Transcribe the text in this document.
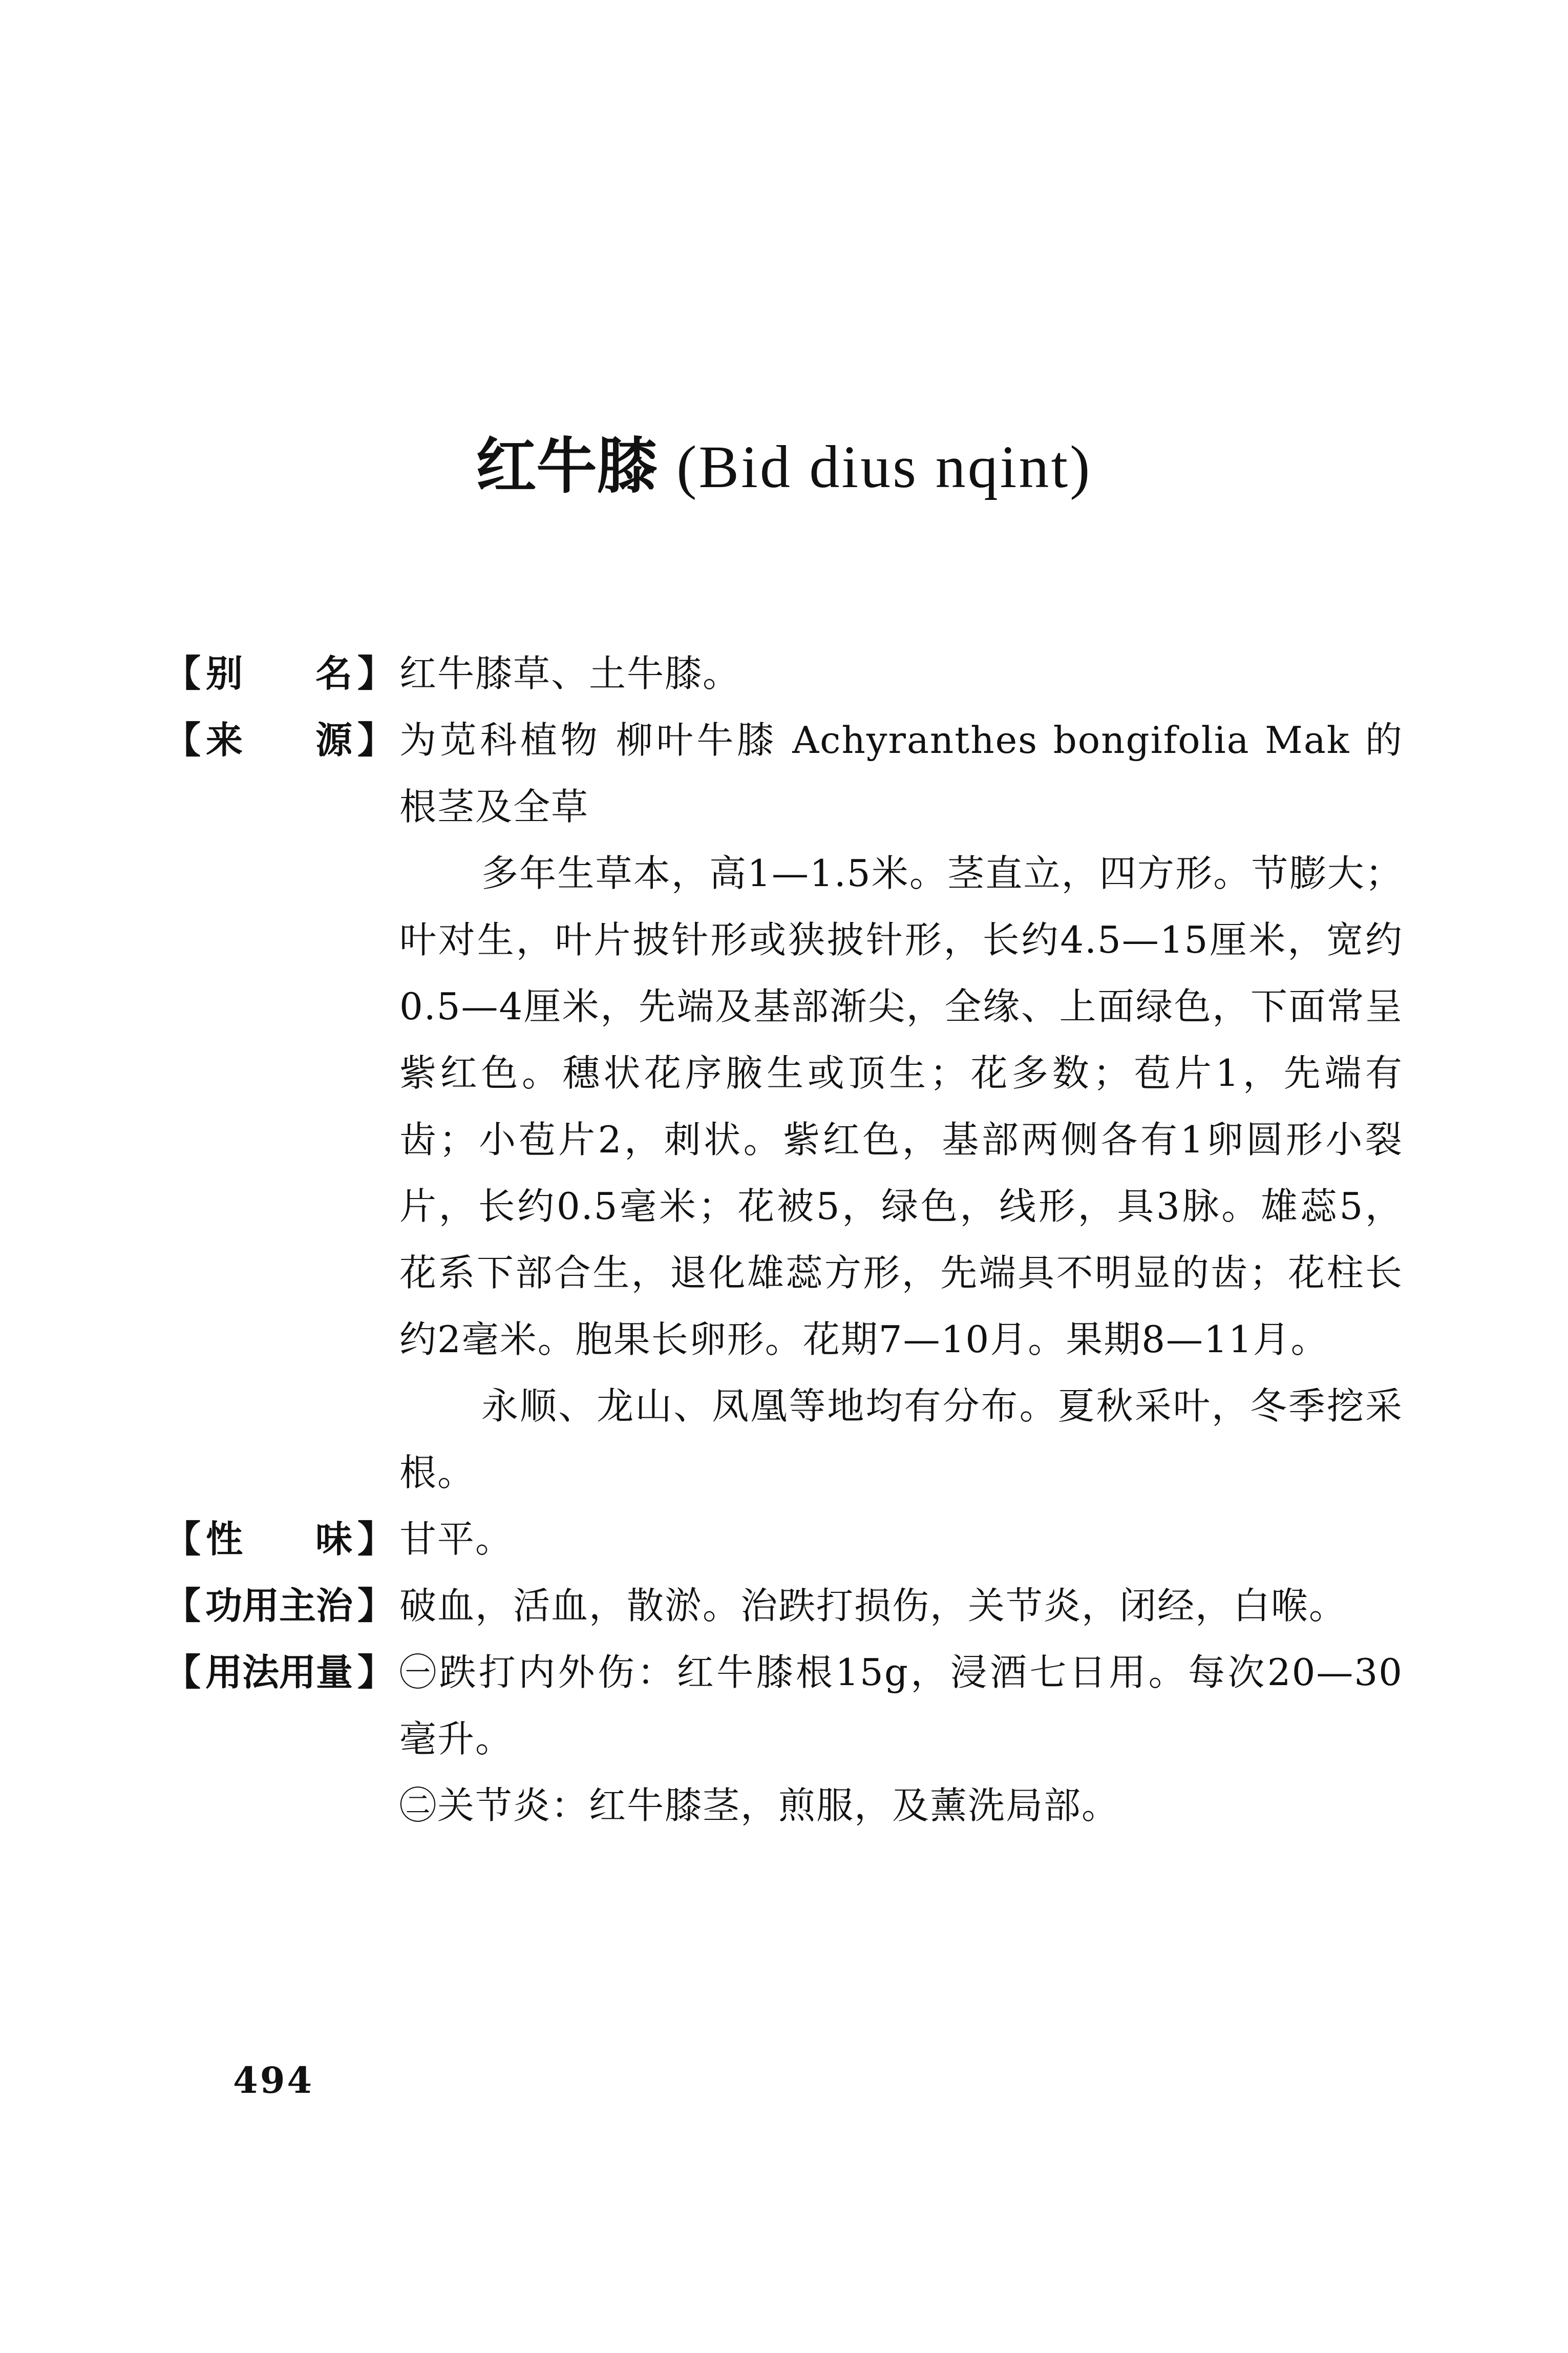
红牛膝 (Bid dius nqint)
【 别 名 】 红牛膝草、土牛膝。
【 来 源 】 为苋科植物 柳叶牛膝 Achyranthes bongifolia Mak 的根茎及全草
多年生草本，高1—1.5米。茎直立，四方形。节膨大；叶对生，叶片披针形或狭披针形，长约4.5—15厘米，宽约0.5—4厘米，先端及基部渐尖，全缘、上面绿色，下面常呈紫红色。穗状花序腋生或顶生；花多数；苞片1，先端有齿；小苞片2，刺状。紫红色，基部两侧各有1卵圆形小裂片，长约0.5毫米；花被5，绿色，线形，具3脉。雄蕊5，花系下部合生，退化雄蕊方形，先端具不明显的齿；花柱长约2毫米。胞果长卵形。花期7—10月。果期8—11月。
永顺、龙山、凤凰等地均有分布。夏秋采叶，冬季挖采根。
【 性 味 】 甘平。
【 功用主治 】 破血，活血，散淤。治跌打损伤，关节炎，闭经，白喉。
【 用法用量 】 ㊀跌打内外伤：红牛膝根15g，浸酒七日用。每次20—30毫升。
㊁关节炎：红牛膝茎，煎服，及薰洗局部。
494
